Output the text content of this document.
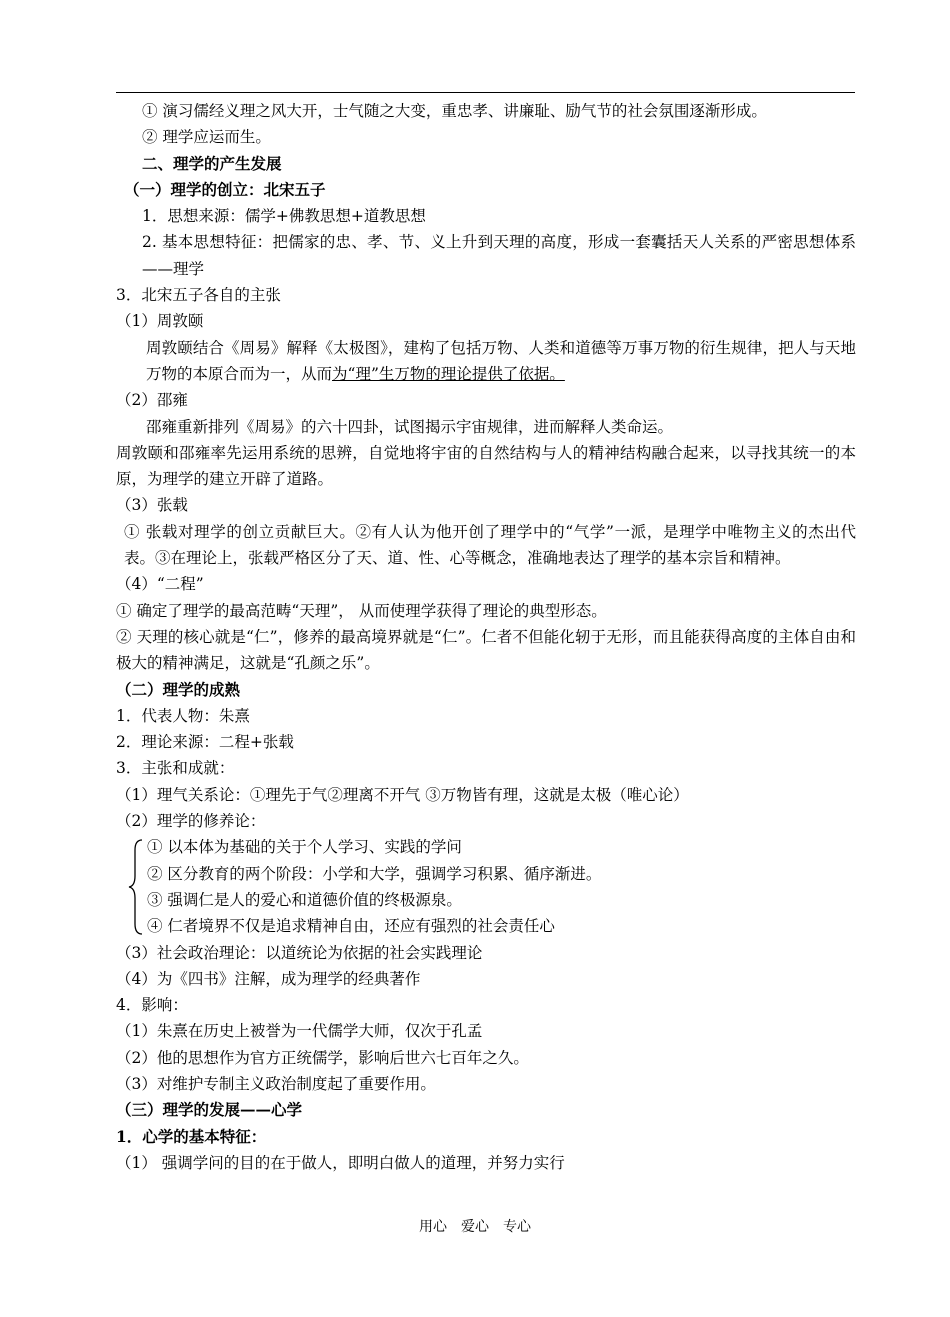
① 演习儒经义理之风大开，士气随之大变，重忠孝、讲廉耻、励气节的社会氛围逐渐形成。
② 理学应运而生。
二、理学的产生发展
（一）理学的创立：北宋五子
1．思想来源：儒学+佛教思想+道教思想
2. 基本思想特征：把儒家的忠、孝、节、义上升到天理的高度，形成一套囊括天人关系的严密思想体系——理学
3．北宋五子各自的主张
（1）周敦颐
周敦颐结合《周易》解释《太极图》，建构了包括万物、人类和道德等万事万物的衍生规律，把人与天地万物的本原合而为一，从而为“理”生万物的理论提供了依据。
（2）邵雍
邵雍重新排列《周易》的六十四卦，试图揭示宇宙规律，进而解释人类命运。
周敦颐和邵雍率先运用系统的思辨，自觉地将宇宙的自然结构与人的精神结构融合起来，以寻找其统一的本原，为理学的建立开辟了道路。
（3）张载
① 张载对理学的创立贡献巨大。②有人认为他开创了理学中的“气学”一派，是理学中唯物主义的杰出代表。③在理论上，张载严格区分了天、道、性、心等概念，准确地表达了理学的基本宗旨和精神。
（4）“二程”
① 确定了理学的最高范畴“天理”， 从而使理学获得了理论的典型形态。
② 天理的核心就是“仁”，修养的最高境界就是“仁”。仁者不但能化轫于无形，而且能获得高度的主体自由和极大的精神满足，这就是“孔颜之乐”。
（二）理学的成熟
1．代表人物：朱熹
2．理论来源：二程+张载
3．主张和成就：
（1）理气关系论：①理先于气②理离不开气 ③万物皆有理，这就是太极（唯心论）
（2）理学的修养论：
① 以本体为基础的关于个人学习、实践的学问
② 区分教育的两个阶段：小学和大学，强调学习积累、循序渐进。
③ 强调仁是人的爱心和道德价值的终极源泉。
④ 仁者境界不仅是追求精神自由，还应有强烈的社会责任心
（3）社会政治理论：以道统论为依据的社会实践理论
（4）为《四书》注解，成为理学的经典著作
4．影响：
（1）朱熹在历史上被誉为一代儒学大师，仅次于孔孟
（2）他的思想作为官方正统儒学，影响后世六七百年之久。
（3）对维护专制主义政治制度起了重要作用。
（三）理学的发展——心学
1．心学的基本特征：
（1） 强调学问的目的在于做人，即明白做人的道理，并努力实行
用心 爱心 专心
